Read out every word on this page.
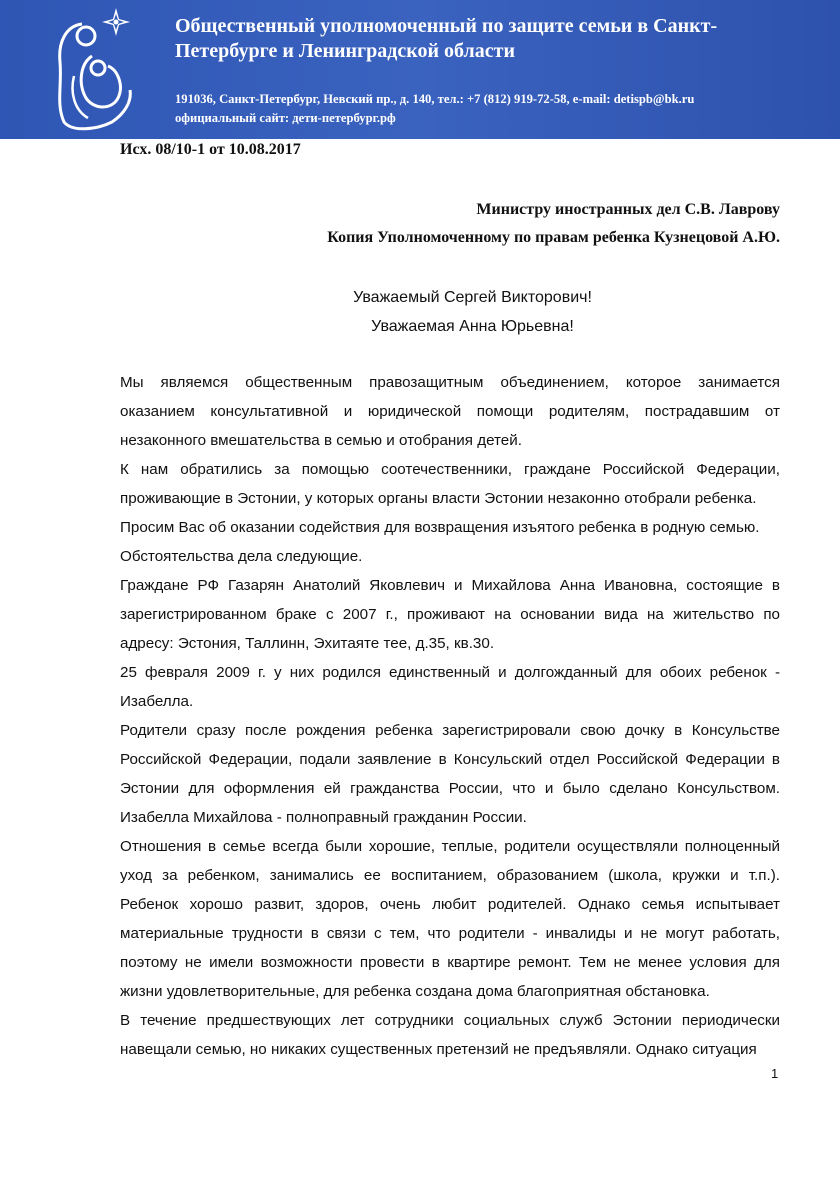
Общественный уполномоченный по защите семьи в Санкт-Петербурге и Ленинградской области
191036, Санкт-Петербург, Невский пр., д. 140, тел.: +7 (812) 919-72-58, e-mail: detispb@bk.ru
официальный сайт: дети-петербург.рф
Исх. 08/10-1 от 10.08.2017
Министру иностранных дел С.В. Лаврову
Копия Уполномоченному по правам ребенка Кузнецовой А.Ю.
Уважаемый Сергей Викторович!
Уважаемая Анна Юрьевна!

Мы являемся общественным правозащитным объединением, которое занимается оказанием консультативной и юридической помощи родителям, пострадавшим от незаконного вмешательства в семью и отобрания детей.

К нам обратились за помощью соотечественники, граждане Российской Федерации, проживающие в Эстонии, у которых органы власти Эстонии незаконно отобрали ребенка.

Просим Вас об оказании содействия для возвращения изъятого ребенка в родную семью.

Обстоятельства дела следующие.

Граждане РФ Газарян Анатолий Яковлевич и Михайлова Анна Ивановна, состоящие в зарегистрированном браке с 2007 г., проживают на основании вида на жительство по адресу: Эстония, Таллинн, Эхитаяте тее, д.35, кв.30.

25 февраля 2009 г. у них родился единственный и долгожданный для обоих ребенок - Изабелла.

Родители сразу после рождения ребенка зарегистрировали свою дочку в Консульстве Российской Федерации, подали заявление в Консульский отдел Российской Федерации в Эстонии для оформления ей гражданства России, что и было сделано Консульством. Изабелла Михайлова - полноправный гражданин России.

Отношения в семье всегда были хорошие, теплые, родители осуществляли полноценный уход за ребенком, занимались ее воспитанием, образованием (школа, кружки и т.п.). Ребенок хорошо развит, здоров, очень любит родителей. Однако семья испытывает материальные трудности в связи с тем, что родители - инвалиды и не могут работать, поэтому не имели возможности провести в квартире ремонт. Тем не менее условия для жизни удовлетворительные, для ребенка создана дома благоприятная обстановка.

В течение предшествующих лет сотрудники социальных служб Эстонии периодически навещали семью, но никаких существенных претензий не предъявляли. Однако ситуация

1
